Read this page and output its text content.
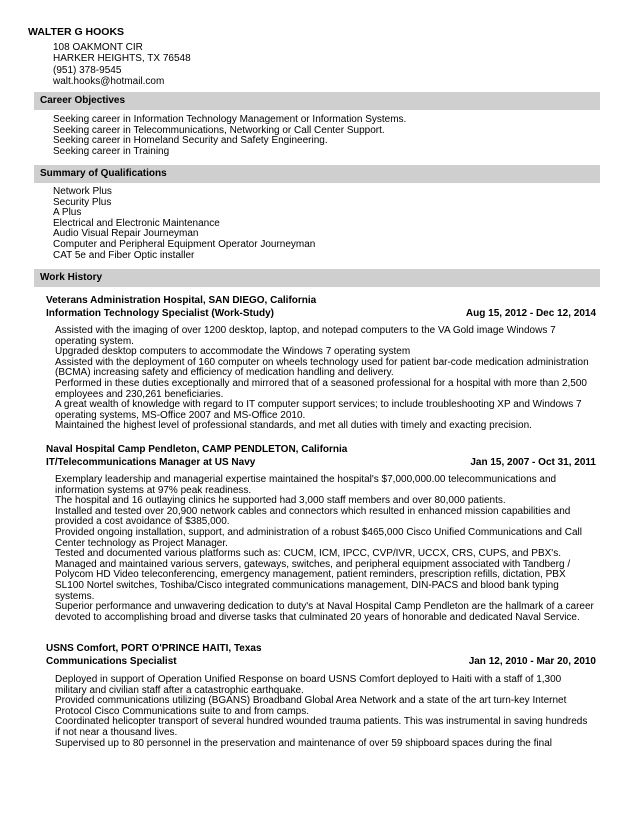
WALTER G HOOKS
108 OAKMONT CIR
HARKER HEIGHTS, TX 76548
(951) 378-9545
walt.hooks@hotmail.com
Career Objectives
Seeking career in Information Technology Management or Information Systems.
Seeking career in Telecommunications, Networking or Call Center Support.
Seeking career in Homeland Security and Safety Engineering.
Seeking career in Training
Summary of Qualifications
Network Plus
Security Plus
A Plus
Electrical and Electronic Maintenance
Audio Visual Repair Journeyman
Computer and Peripheral Equipment Operator Journeyman
CAT 5e and Fiber Optic installer
Work History
Veterans Administration Hospital, SAN DIEGO, California
Information Technology Specialist (Work-Study)	Aug 15, 2012 - Dec 12, 2014

Assisted with the imaging of over 1200 desktop, laptop, and notepad computers to the VA Gold image Windows 7 operating system.

Upgraded desktop computers to accommodate the Windows 7 operating system

Assisted with the deployment of 160 computer on wheels technology used for patient bar-code medication administration (BCMA) increasing safety and efficiency of medication handling and delivery.

Performed in these duties exceptionally and mirrored that of a seasoned professional for a hospital with more than 2,500 employees and 230,261 beneficiaries.

A great wealth of knowledge with regard to IT computer support services; to include troubleshooting XP and Windows 7 operating systems, MS-Office 2007 and MS-Office 2010.

Maintained the highest level of professional standards, and met all duties with timely and exacting precision.

Naval Hospital Camp Pendleton, CAMP PENDLETON, California
IT/Telecommunications Manager at US Navy	Jan 15, 2007 - Oct 31, 2011

Exemplary leadership and managerial expertise maintained the hospital's $7,000,000.00 telecommunications and information systems at 97% peak readiness.

The hospital and 16 outlaying clinics he supported had 3,000 staff members and over 80,000 patients.

Installed and tested over 20,900 network cables and connectors which resulted in enhanced mission capabilities and provided a cost avoidance of $385,000.

Provided ongoing installation, support, and administration of a robust $465,000 Cisco Unified Communications and Call Center technology as Project Manager.

Tested and documented various platforms such as: CUCM, ICM, IPCC, CVP/IVR, UCCX, CRS, CUPS, and PBX's.

Managed and maintained various servers, gateways, switches, and peripheral equipment associated with Tandberg / Polycom HD Video teleconferencing, emergency management, patient reminders, prescription refills, dictation, PBX SL100 Nortel switches, Toshiba/Cisco integrated communications management, DIN-PACS and blood bank typing systems.

Superior performance and unwavering dedication to duty's at Naval Hospital Camp Pendleton are the hallmark of a career devoted to accomplishing broad and diverse tasks that culminated 20 years of honorable and dedicated Naval Service.

USNS Comfort, PORT O'PRINCE HAITI, Texas
Communications Specialist	Jan 12, 2010 - Mar 20, 2010

Deployed in support of Operation Unified Response on board USNS Comfort deployed to Haiti with a staff of 1,300 military and civilian staff after a catastrophic earthquake.

Provided communications utilizing (BGANS) Broadband Global Area Network and a state of the art turn-key Internet Protocol Cisco Communications suite to and from camps.

Coordinated helicopter transport of several hundred wounded trauma patients. This was instrumental in saving hundreds if not near a thousand lives.

Supervised up to 80 personnel in the preservation and maintenance of over 59 shipboard spaces during the final
